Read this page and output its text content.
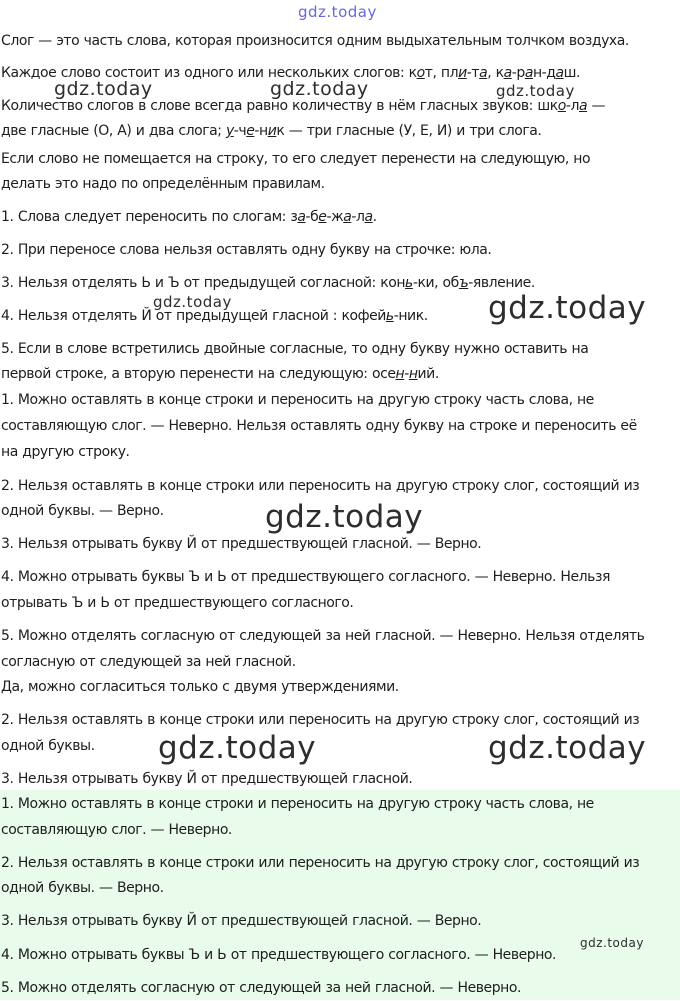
gdz.today
gdz.today	gdz.today	gdz.today
gdz.today	gdz.today
gdz.today
gdz.today	gdz.today
gdz.today
Слог — это часть слова, которая произносится одним выдыхательным толчком воздуха.
Каждое слово состоит из одного или нескольких слогов: кот, пли-та, ка-ран-даш.
Количество слогов в слове всегда равно количеству в нём гласных звуков: шко-ла —
две гласные (О, А) и два слога; у-че-ник — три гласные (У, Е, И) и три слога.
Если слово не помещается на строку, то его следует перенести на следующую, но
делать это надо по определённым правилам.
1. Слова следует переносить по слогам: за-бе-жа-ла.
2. При переносе слова нельзя оставлять одну букву на строчке: юла.
3. Нельзя отделять Ь и Ъ от предыдущей согласной: конь-ки, объ-явление.
4. Нельзя отделять Й от предыдущей гласной : кофейь-ник.
5. Если в слове встретились двойные согласные, то одну букву нужно оставить на
первой строке, а вторую перенести на следующую: осен-ний.
1. Можно оставлять в конце строки и переносить на другую строку часть слова, не
составляющую слог. — Неверно. Нельзя оставлять одну букву на строке и переносить её
на другую строку.
2. Нельзя оставлять в конце строки или переносить на другую строку слог, состоящий из
одной буквы. — Верно.
3. Нельзя отрывать букву Й от предшествующей гласной. — Верно.
4. Можно отрывать буквы Ъ и Ь от предшествующего согласного. — Неверно. Нельзя
отрывать Ъ и Ь от предшествующего согласного.
5. Можно отделять согласную от следующей за ней гласной. — Неверно. Нельзя отделять
согласную от следующей за ней гласной.
Да, можно согласиться только с двумя утверждениями.
2. Нельзя оставлять в конце строки или переносить на другую строку слог, состоящий из
одной буквы.
3. Нельзя отрывать букву Й от предшествующей гласной.
1. Можно оставлять в конце строки и переносить на другую строку часть слова, не
составляющую слог. — Неверно.
2. Нельзя оставлять в конце строки или переносить на другую строку слог, состоящий из
одной буквы. — Верно.
3. Нельзя отрывать букву Й от предшествующей гласной. — Верно.
4. Можно отрывать буквы Ъ и Ь от предшествующего согласного. — Неверно.
5. Можно отделять согласную от следующей за ней гласной. — Неверно.
